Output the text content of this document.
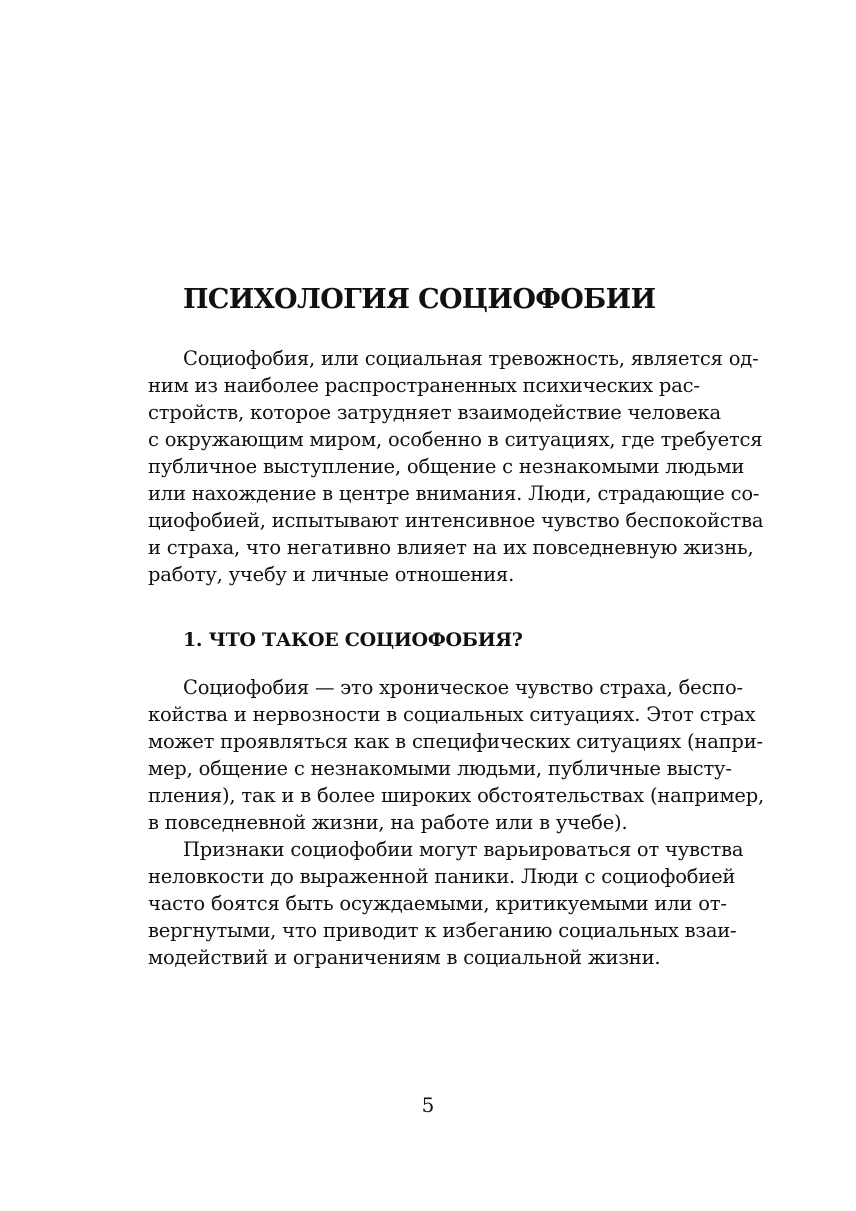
ПСИХОЛОГИЯ СОЦИОФОБИИ
Социофобия, или социальная тревожность, является од-
ним из наиболее распространенных психических рас-
стройств, которое затрудняет взаимодействие человека
с окружающим миром, особенно в ситуациях, где требуется
публичное выступление, общение с незнакомыми людьми
или нахождение в центре внимания. Люди, страдающие со-
циофобией, испытывают интенсивное чувство беспокойства
и страха, что негативно влияет на их повседневную жизнь,
работу, учебу и личные отношения.
1. ЧТО ТАКОЕ СОЦИОФОБИЯ?
Социофобия — это хроническое чувство страха, беспо-
койства и нервозности в социальных ситуациях. Этот страх
может проявляться как в специфических ситуациях (напри-
мер, общение с незнакомыми людьми, публичные высту-
пления), так и в более широких обстоятельствах (например,
в повседневной жизни, на работе или в учебе).
Признаки социофобии могут варьироваться от чувства
неловкости до выраженной паники. Люди с социофобией
часто боятся быть осуждаемыми, критикуемыми или от-
вергнутыми, что приводит к избеганию социальных взаи-
модействий и ограничениям в социальной жизни.
5
